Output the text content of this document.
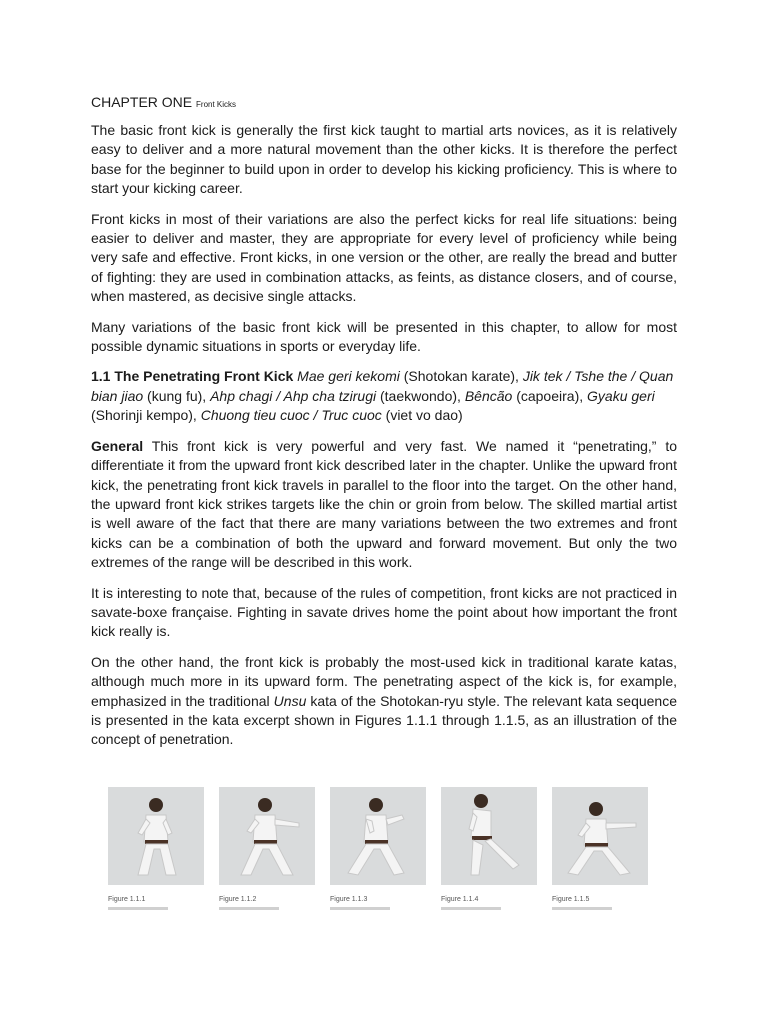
CHAPTER ONE Front Kicks

The basic front kick is generally the first kick taught to martial arts novices, as it is relatively easy to deliver and a more natural movement than the other kicks. It is therefore the perfect base for the beginner to build upon in order to develop his kicking proficiency. This is where to start your kicking career.

Front kicks in most of their variations are also the perfect kicks for real life situations: being easier to deliver and master, they are appropriate for every level of proficiency while being very safe and effective. Front kicks, in one version or the other, are really the bread and butter of fighting: they are used in combination attacks, as feints, as distance closers, and of course, when mastered, as decisive single attacks.

Many variations of the basic front kick will be presented in this chapter, to allow for most possible dynamic situations in sports or everyday life.

1.1 The Penetrating Front Kick Mae geri kekomi (Shotokan karate), Jik tek / Tshe the / Quan bian jiao (kung fu), Ahp chagi / Ahp cha tzirugi (taekwondo), Bêncão (capoeira), Gyaku geri (Shorinji kempo), Chuong tieu cuoc / Truc cuoc (viet vo dao)

General This front kick is very powerful and very fast. We named it “penetrating,” to differentiate it from the upward front kick described later in the chapter. Unlike the upward front kick, the penetrating front kick travels in parallel to the floor into the target. On the other hand, the upward front kick strikes targets like the chin or groin from below. The skilled martial artist is well aware of the fact that there are many variations between the two extremes and front kicks can be a combination of both the upward and forward movement. But only the two extremes of the range will be described in this work.

It is interesting to note that, because of the rules of competition, front kicks are not practiced in savate-boxe française. Fighting in savate drives home the point about how important the front kick really is.

On the other hand, the front kick is probably the most-used kick in traditional karate katas, although much more in its upward form. The penetrating aspect of the kick is, for example, emphasized in the traditional Unsu kata of the Shotokan-ryu style. The relevant kata sequence is presented in the kata excerpt shown in Figures 1.1.1 through 1.1.5, as an illustration of the concept of penetration.

Figure 1.1.1	Figure 1.1.2	Figure 1.1.3	Figure 1.1.4	Figure 1.1.5
